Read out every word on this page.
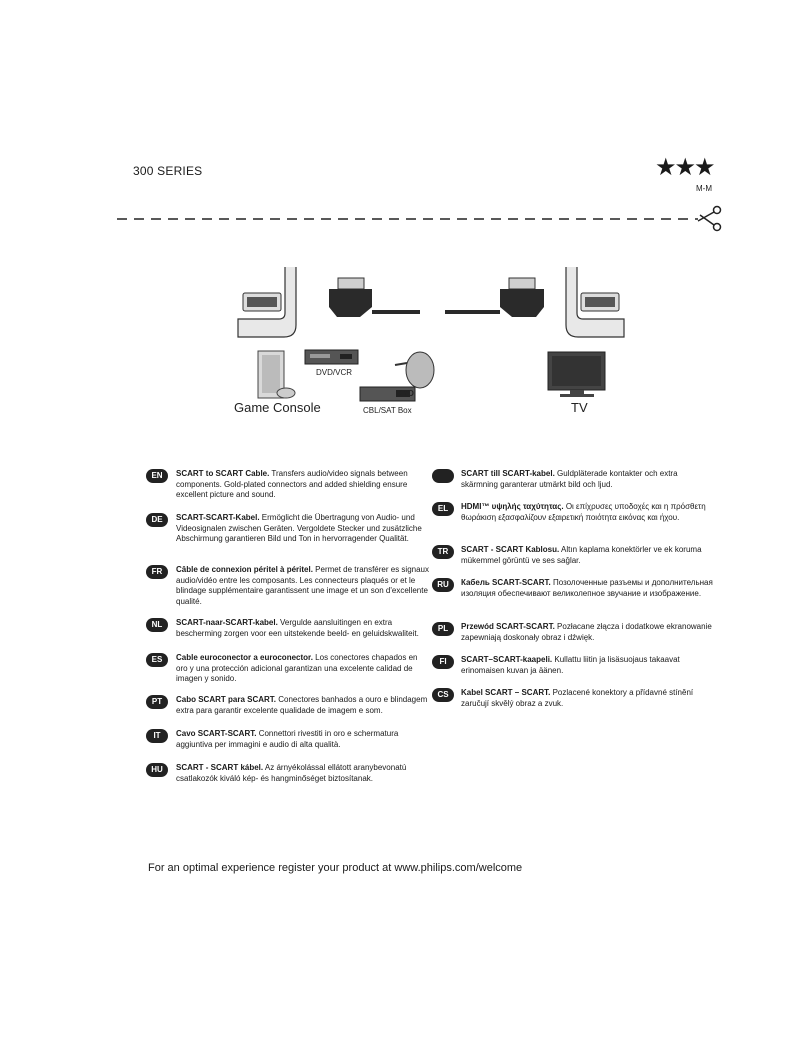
300 SERIES	★★★
M-M
DVD/VCR
Game Console	CBL/SAT Box
DVD
TV
EN	SCART to SCART Cable. Transfers audio/video signals between components. Gold-plated connectors and added shielding ensure excellent picture and sound.
DE	SCART-SCART-Kabel. Ermöglicht die Übertragung von Audio- und Videosignalen zwischen Geräten. Vergoldete Stecker und zusätzliche Abschirmung garantieren Bild und Ton in hervorragender Qualität.
FR	Câble de connexion péritel à péritel. Permet de transférer es signaux audio/vidéo entre les composants. Les connecteurs plaqués or et le blindage supplémentaire garantissent une image et un son d'excellente qualité.
NL	SCART-naar-SCART-kabel. Vergulde aansluitingen en extra bescherming zorgen voor een uitstekende beeld- en geluidskwaliteit.
ES	Cable euroconector a euroconector. Los conectores chapados en oro y una protección adicional garantizan una excelente calidad de imagen y sonido.
PT	Cabo SCART para SCART. Conectores banhados a ouro e blindagem extra para garantir excelente qualidade de imagem e som.
IT	Cavo SCART-SCART. Connettori rivestiti in oro e schermatura aggiuntiva per immagini e audio di alta qualità.
HU	SCART - SCART kábel. Az árnyékolással ellátott aranybevonatú csatlakozók kiváló kép- és hangminőséget biztosítanak.
SCART till SCART-kabel. Guldpläterade kontakter och extra skärmning garanterar utmärkt bild och ljud.
EL	HDMI™ υψηλής ταχύτητας. Οι επίχρυσες υποδοχές και η πρόσθετη θωράκιση εξασφαλίζουν εξαιρετική ποιότητα εικόνας και ήχου.
TR	SCART - SCART Kablosu. Altın kaplama konektörler ve ek koruma mükemmel görüntü ve ses sağlar.
RU	Кабель SCART-SCART. Позолоченные разъемы и дополнительная изоляция обеспечивают великолепное звучание и изображение.
PL	Przewód SCART-SCART. Pozłacane złącza i dodatkowe ekranowanie zapewniają doskonały obraz i dźwięk.
FI	SCART–SCART-kaapeli. Kullattu liitin ja lisäsuojaus takaavat erinomaisen kuvan ja äänen.
CS	Kabel SCART – SCART. Pozlacené konektory a přídavné stínění zaručují skvělý obraz a zvuk.
For an optimal experience register your product at www.philips.com/welcome
